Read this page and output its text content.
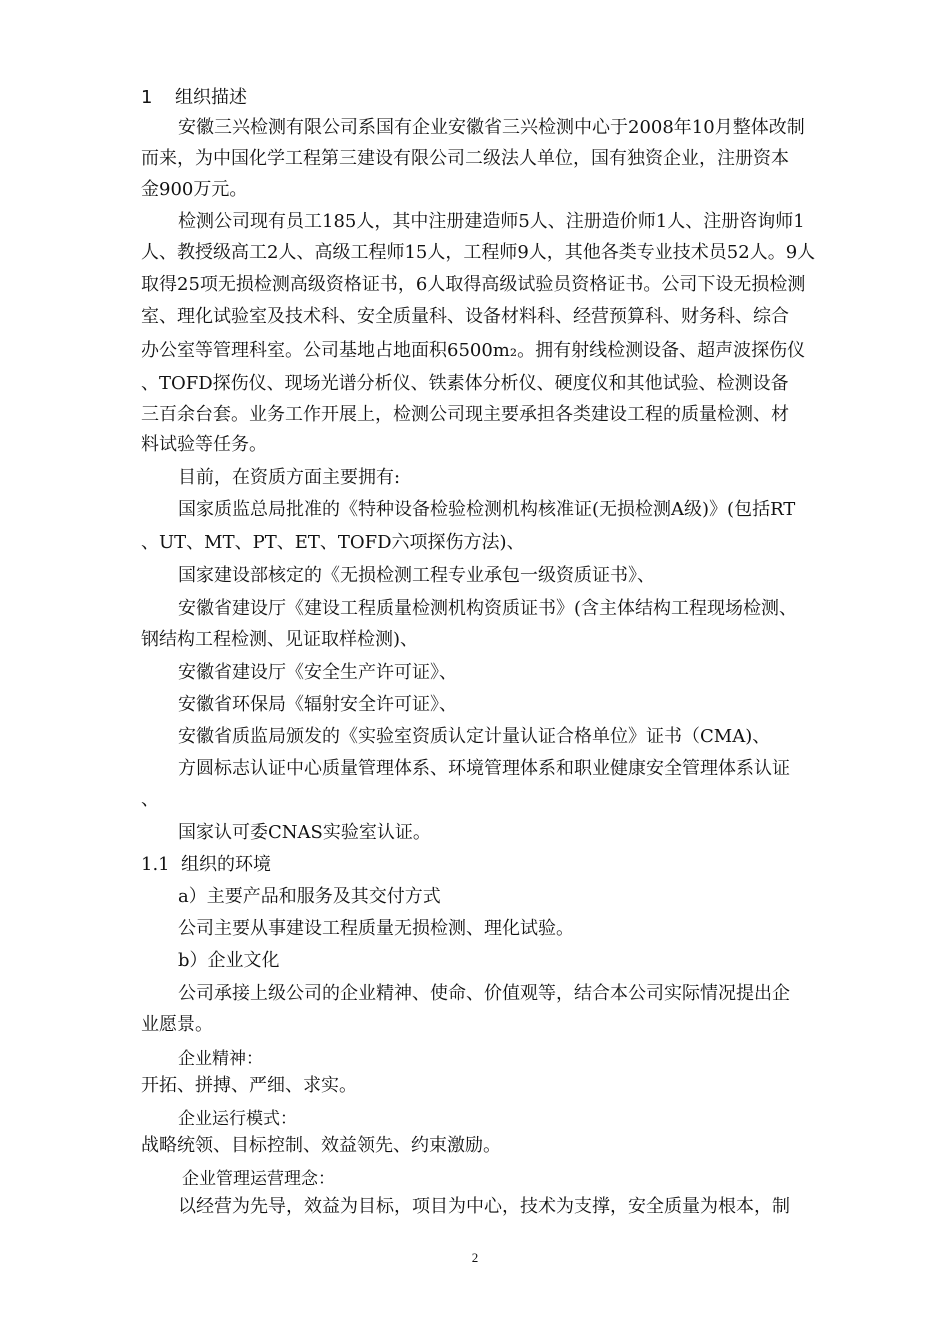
1 组织描述
安徽三兴检测有限公司系国有企业安徽省三兴检测中心于2008年10月整体改制
而来，为中国化学工程第三建设有限公司二级法人单位，国有独资企业，注册资本
金900万元。
检测公司现有员工185人，其中注册建造师5人、注册造价师1人、注册咨询师1
人、教授级高工2人、高级工程师15人，工程师9人，其他各类专业技术员52人。9人
取得25项无损检测高级资格证书，6人取得高级试验员资格证书。公司下设无损检测
室、理化试验室及技术科、安全质量科、设备材料科、经营预算科、财务科、综合
办公室等管理科室。公司基地占地面积6500m₂。拥有射线检测设备、超声波探伤仪
、TOFD探伤仪、现场光谱分析仪、铁素体分析仪、硬度仪和其他试验、检测设备
三百余台套。业务工作开展上，检测公司现主要承担各类建设工程的质量检测、材
料试验等任务。
目前，在资质方面主要拥有:
国家质监总局批准的《特种设备检验检测机构核准证(无损检测A级)》(包括RT
、UT、MT、PT、ET、TOFD六项探伤方法)、
国家建设部核定的《无损检测工程专业承包一级资质证书》、
安徽省建设厅《建设工程质量检测机构资质证书》(含主体结构工程现场检测、
钢结构工程检测、见证取样检测)、
安徽省建设厅《安全生产许可证》、
安徽省环保局《辐射安全许可证》、
安徽省质监局颁发的《实验室资质认定计量认证合格单位》证书（CMA)、
方圆标志认证中心质量管理体系、环境管理体系和职业健康安全管理体系认证
、
国家认可委CNAS实验室认证。
1.1 组织的环境
a）主要产品和服务及其交付方式
公司主要从事建设工程质量无损检测、理化试验。
b）企业文化
公司承接上级公司的企业精神、使命、价值观等，结合本公司实际情况提出企
业愿景。
企业精神：
开拓、拼搏、严细、求实。
企业运行模式：
战略统领、目标控制、效益领先、约束激励。
企业管理运营理念：
以经营为先导，效益为目标，项目为中心，技术为支撑，安全质量为根本，制
2
